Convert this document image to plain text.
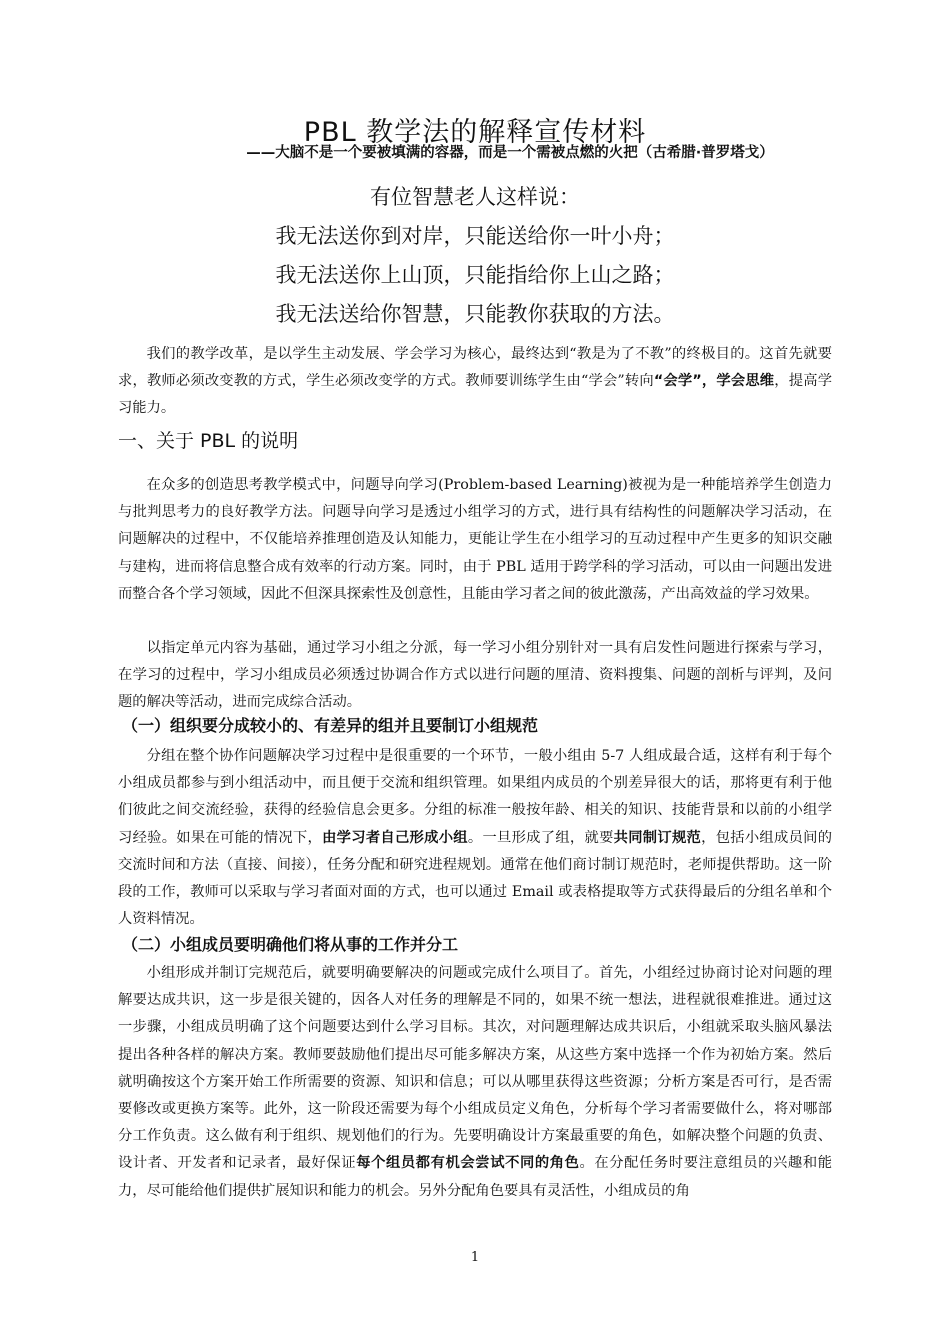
PBL 教学法的解释宣传材料
——大脑不是一个要被填满的容器，而是一个需被点燃的火把（古希腊·普罗塔戈）
有位智慧老人这样说：
我无法送你到对岸，只能送给你一叶小舟；
我无法送你上山顶，只能指给你上山之路；
我无法送给你智慧，只能教你获取的方法。

我们的教学改革，是以学生主动发展、学会学习为核心，最终达到“教是为了不教”的终极目的。这首先就要求，教师必须改变教的方式，学生必须改变学的方式。教师要训练学生由“学会”转向“会学”，学会思维，提高学习能力。

一、关于 PBL 的说明

在众多的创造思考教学模式中，问题导向学习(Problem-based Learning)被视为是一种能培养学生创造力与批判思考力的良好教学方法。问题导向学习是透过小组学习的方式，进行具有结构性的问题解决学习活动，在问题解决的过程中，不仅能培养推理创造及认知能力，更能让学生在小组学习的互动过程中产生更多的知识交融与建构，进而将信息整合成有效率的行动方案。同时，由于 PBL 适用于跨学科的学习活动，可以由一问题出发进而整合各个学习领域，因此不但深具探索性及创意性，且能由学习者之间的彼此激荡，产出高效益的学习效果。

以指定单元内容为基础，通过学习小组之分派，每一学习小组分别针对一具有启发性问题进行探索与学习，在学习的过程中，学习小组成员必须透过协调合作方式以进行问题的厘清、资料搜集、问题的剖析与评判，及问题的解决等活动，进而完成综合活动。

（一）组织要分成较小的、有差异的组并且要制订小组规范

分组在整个协作问题解决学习过程中是很重要的一个环节，一般小组由 5-7 人组成最合适，这样有利于每个小组成员都参与到小组活动中，而且便于交流和组织管理。如果组内成员的个别差异很大的话，那将更有利于他们彼此之间交流经验，获得的经验信息会更多。分组的标准一般按年龄、相关的知识、技能背景和以前的小组学习经验。如果在可能的情况下，由学习者自己形成小组。一旦形成了组，就要共同制订规范，包括小组成员间的交流时间和方法（直接、间接），任务分配和研究进程规划。通常在他们商讨制订规范时，老师提供帮助。这一阶段的工作，教师可以采取与学习者面对面的方式，也可以通过 Email 或表格提取等方式获得最后的分组名单和个人资料情况。

（二）小组成员要明确他们将从事的工作并分工

小组形成并制订完规范后，就要明确要解决的问题或完成什么项目了。首先，小组经过协商讨论对问题的理解要达成共识，这一步是很关键的，因各人对任务的理解是不同的，如果不统一想法，进程就很难推进。通过这一步骤，小组成员明确了这个问题要达到什么学习目标。其次，对问题理解达成共识后，小组就采取头脑风暴法提出各种各样的解决方案。教师要鼓励他们提出尽可能多解决方案，从这些方案中选择一个作为初始方案。然后就明确按这个方案开始工作所需要的资源、知识和信息；可以从哪里获得这些资源；分析方案是否可行，是否需要修改或更换方案等。此外，这一阶段还需要为每个小组成员定义角色，分析每个学习者需要做什么，将对哪部分工作负责。这么做有利于组织、规划他们的行为。先要明确设计方案最重要的角色，如解决整个问题的负责、设计者、开发者和记录者，最好保证每个组员都有机会尝试不同的角色。在分配任务时要注意组员的兴趣和能力，尽可能给他们提供扩展知识和能力的机会。另外分配角色要具有灵活性，小组成员的角

1
